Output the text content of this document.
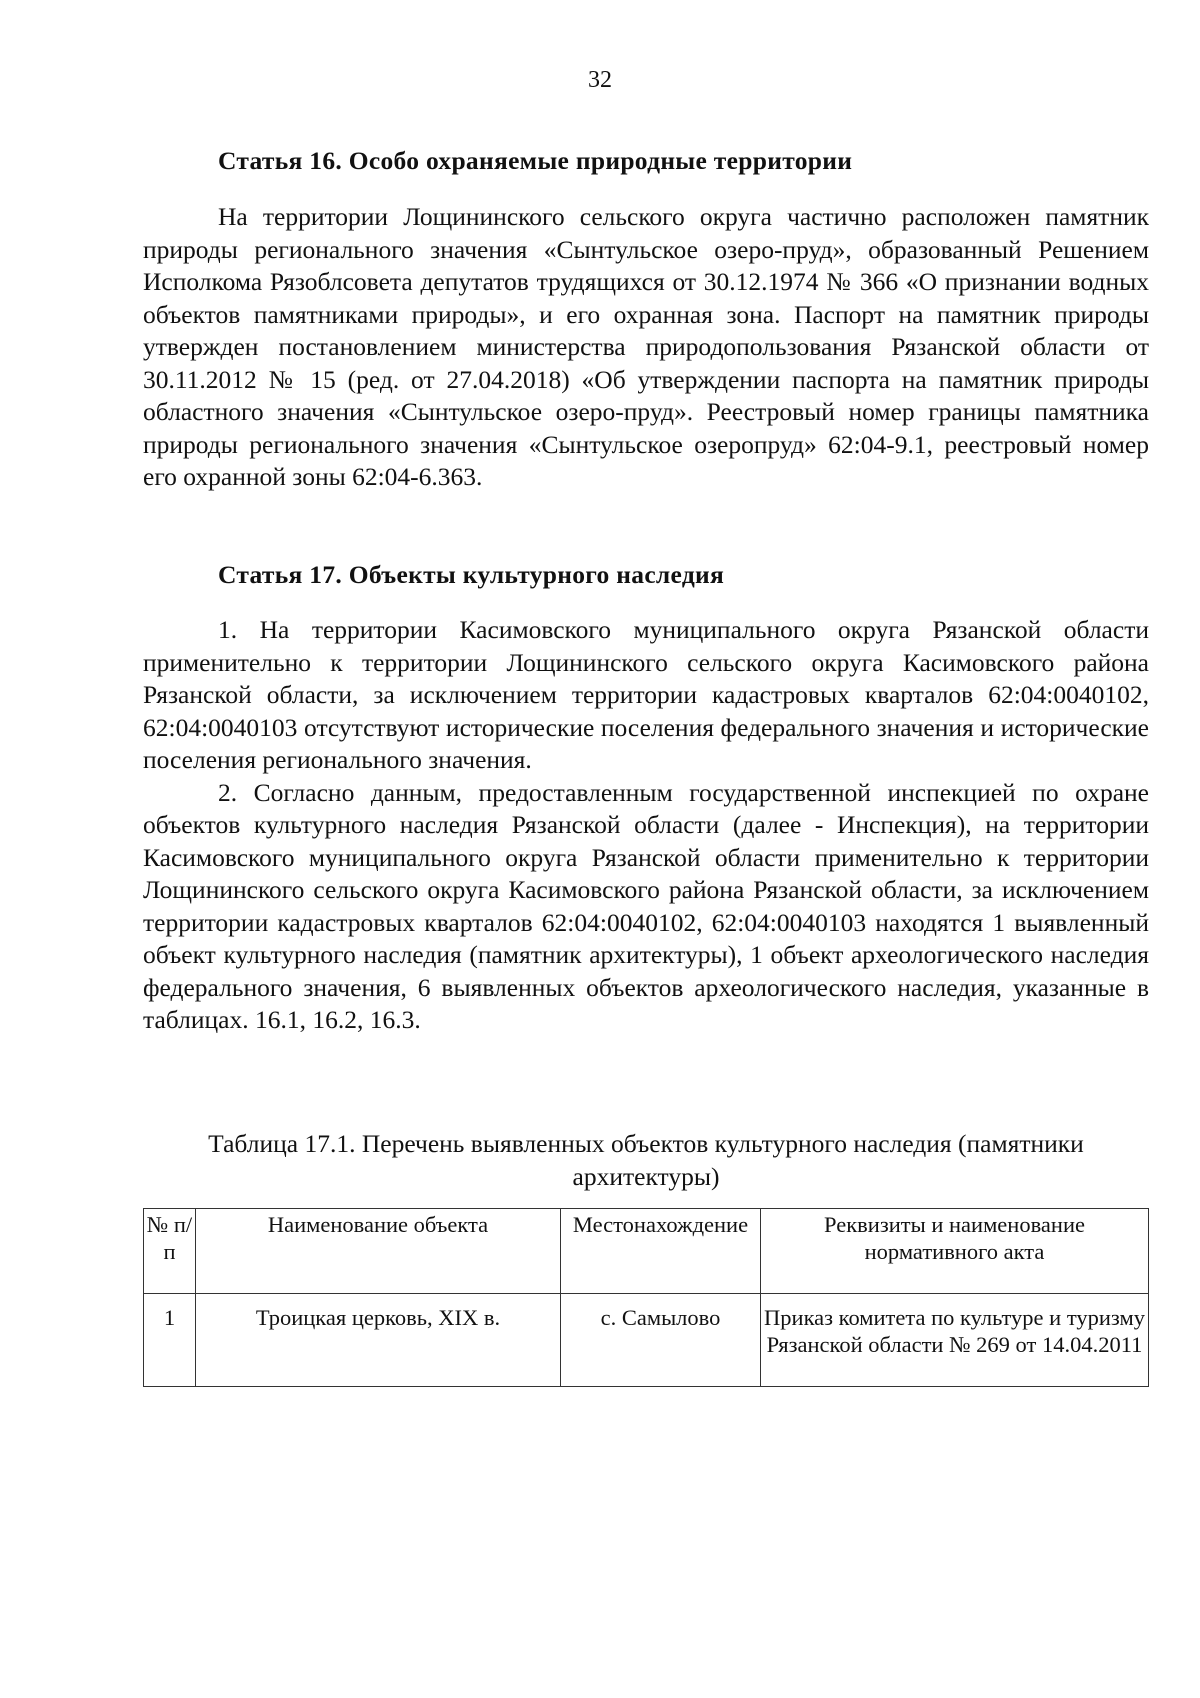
32
Статья 16. Особо охраняемые природные территории

На территории Лощининского сельского округа частично расположен памятник природы регионального значения «Сынтульское озеро-пруд», образованный Решением Исполкома Рязоблсовета депутатов трудящихся от 30.12.1974 № 366 «О признании водных объектов памятниками природы», и его охранная зона. Паспорт на памятник природы утвержден постановлением министерства природопользования Рязанской области от 30.11.2012 № 15 (ред. от 27.04.2018) «Об утверждении паспорта на памятник природы областного значения «Сынтульское озеро-пруд». Реестровый номер границы памятника природы регионального значения «Сынтульское озеропруд» 62:04-9.1, реестровый номер его охранной зоны 62:04-6.363.

Статья 17. Объекты культурного наследия

1. На территории Касимовского муниципального округа Рязанской области применительно к территории Лощининского сельского округа Касимовского района Рязанской области, за исключением территории кадастровых кварталов 62:04:0040102, 62:04:0040103 отсутствуют исторические поселения федерального значения и исторические поселения регионального значения.

2. Согласно данным, предоставленным государственной инспекцией по охране объектов культурного наследия Рязанской области (далее - Инспекция), на территории Касимовского муниципального округа Рязанской области применительно к территории Лощининского сельского округа Касимовского района Рязанской области, за исключением территории кадастровых кварталов 62:04:0040102, 62:04:0040103 находятся 1 выявленный объект культурного наследия (памятник архитектуры), 1 объект археологического наследия федерального значения, 6 выявленных объектов археологического наследия, указанные в таблицах. 16.1, 16.2, 16.3.

Таблица 17.1. Перечень выявленных объектов культурного наследия (памятники архитектуры)

№ п/ п	Наименование объекта	Местонахождение	Реквизиты и наименование нормативного акта
1	Троицкая церковь, XIX в.	с. Самылово	Приказ комитета по культуре и туризму Рязанской области № 269 от 14.04.2011
